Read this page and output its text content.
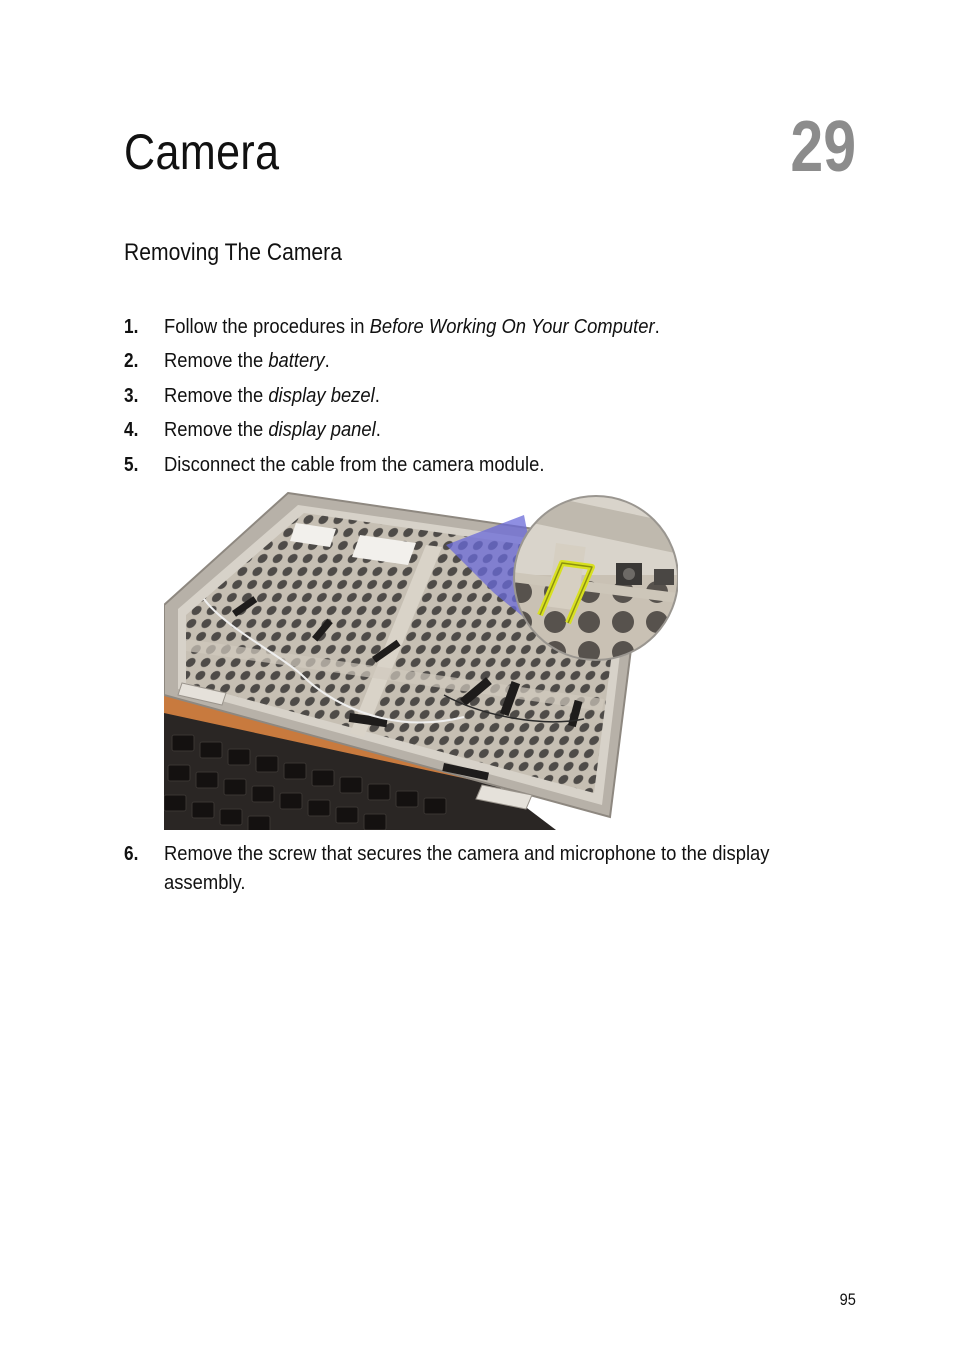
Camera	29
Removing The Camera
1. Follow the procedures in Before Working On Your Computer.
2. Remove the battery.
3. Remove the display bezel.
4. Remove the display panel.
5. Disconnect the cable from the camera module.
6. Remove the screw that secures the camera and microphone to the display assembly.
95
